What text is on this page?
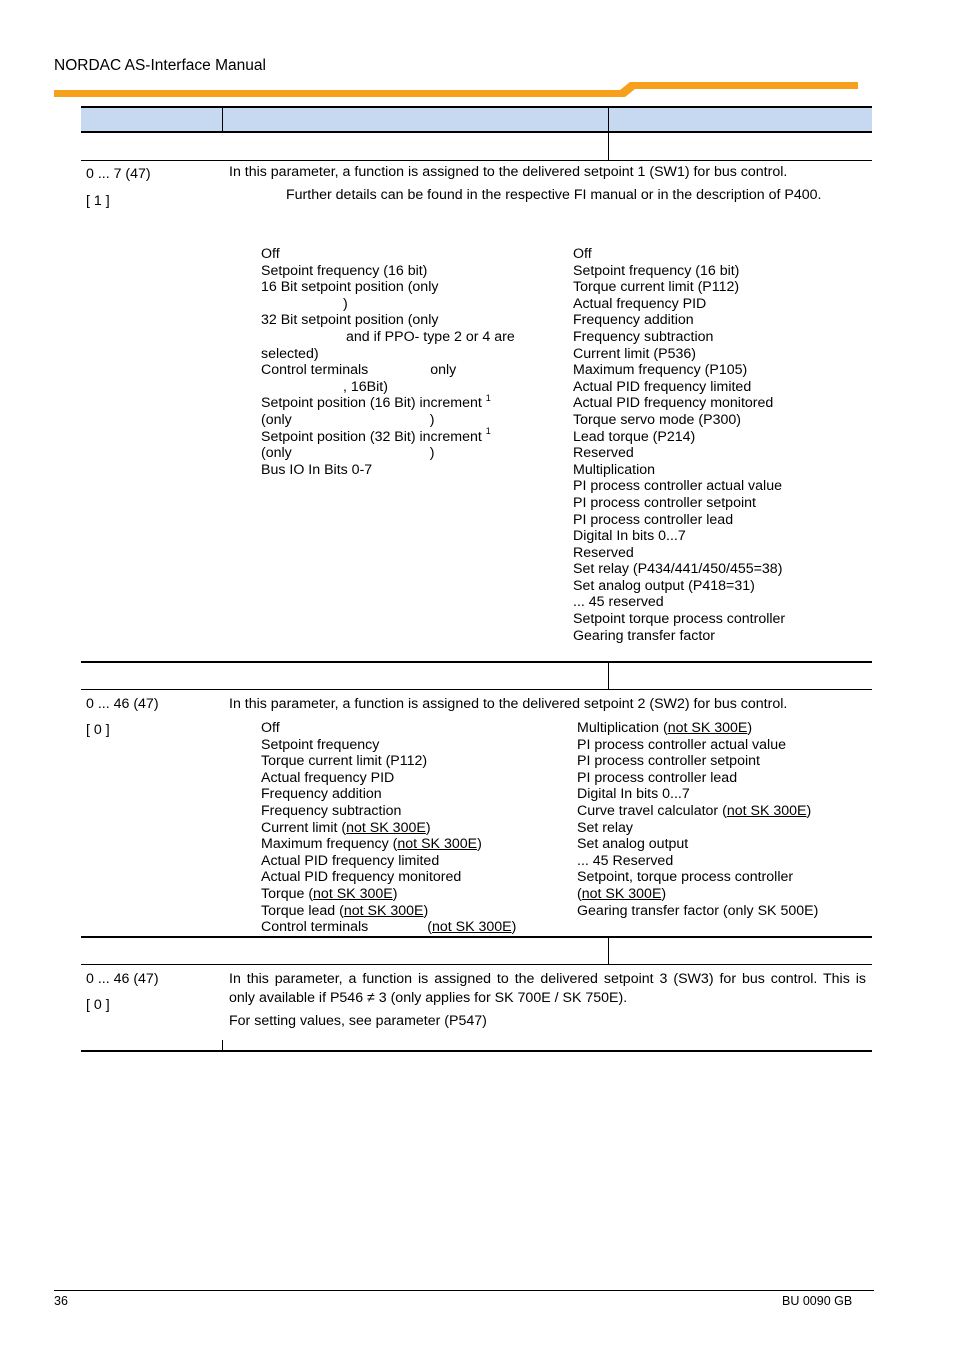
NORDAC AS-Interface Manual
0 ... 7 (47)
[ 1 ]
In this parameter, a function is assigned to the delivered setpoint 1 (SW1) for bus control.
Further details can be found in the respective FI manual or in the description of P400.
Off
Setpoint frequency (16 bit)
16 Bit setpoint position (only
)
32 Bit setpoint position (only
and if PPO- type 2 or 4 are
selected)
Control terminals	only
, 16Bit)
Setpoint position (16 Bit) increment $^1$
(only	)
Setpoint position (32 Bit) increment $^1$
(only	)
Bus IO In Bits 0-7
Off
Setpoint frequency (16 bit)
Torque current limit (P112)
Actual frequency PID
Frequency addition
Frequency subtraction
Current limit (P536)
Maximum frequency (P105)
Actual PID frequency limited
Actual PID frequency monitored
Torque servo mode (P300)
Lead torque (P214)
Reserved
Multiplication
PI process controller actual value
PI process controller setpoint
PI process controller lead
Digital In bits 0...7
Reserved
Set relay (P434/441/450/455=38)
Set analog output (P418=31)
... 45 reserved
Setpoint torque process controller
Gearing transfer factor
0 ... 46 (47)
[ 0 ]
In this parameter, a function is assigned to the delivered setpoint 2 (SW2) for bus control.
Off
Setpoint frequency
Torque current limit (P112)
Actual frequency PID
Frequency addition
Frequency subtraction
Current limit (not SK 300E)
Maximum frequency (not SK 300E)
Actual PID frequency limited
Actual PID frequency monitored
Torque (not SK 300E)
Torque lead (not SK 300E)
Control terminals	(not SK 300E)
Multiplication (not SK 300E)
PI process controller actual value
PI process controller setpoint
PI process controller lead
Digital In bits 0...7
Curve travel calculator (not SK 300E)
Set relay
Set analog output
... 45 Reserved
Setpoint, torque process controller
(not SK 300E)
Gearing transfer factor (only SK 500E)
0 ... 46 (47)
[ 0 ]
In this parameter, a function is assigned to the delivered setpoint 3 (SW3) for bus control. This is
only available if P546 ≠ 3 (only applies for SK 700E / SK 750E).
For setting values, see parameter (P547)
36	BU 0090 GB
